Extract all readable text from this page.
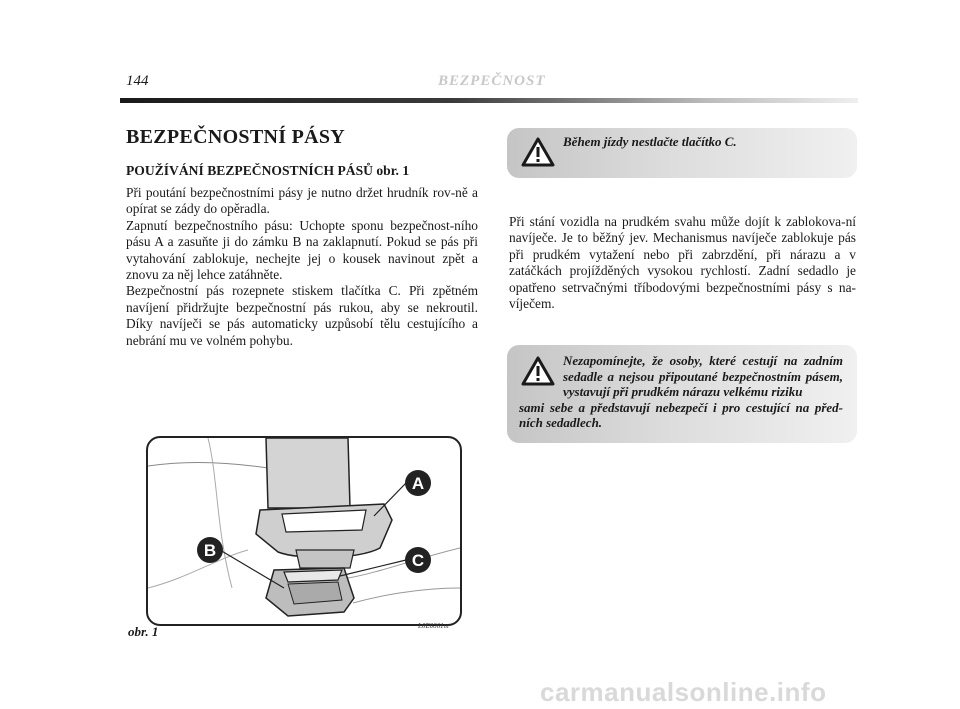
144	BEZPEČNOST
BEZPEČNOSTNÍ PÁSY
POUŽÍVÁNÍ BEZPEČNOSTNÍCH PÁSŮ obr. 1

Při poutání bezpečnostními pásy je nutno držet hrudník rov-ně a opírat se zády do opěradla.

Zapnutí bezpečnostního pásu: Uchopte sponu bezpečnost-ního pásu A a zasuňte ji do zámku B na zaklapnutí. Pokud se pás při vytahování zablokuje, nechejte jej o kousek navinout zpět a znovu za něj lehce zatáhněte.

Bezpečnostní pás rozepnete stiskem tlačítka C. Při zpětném navíjení přidržujte bezpečnostní pás rukou, aby se nekroutil. Díky navíječi se pás automaticky uzpůsobí tělu cestujícího a nebrání mu ve volném pohybu.

Během jízdy nestlačte tlačítko C.

Při stání vozidla na prudkém svahu může dojít k zablokova-ní navíječe. Je to běžný jev. Mechanismus navíječe zablokuje pás při prudkém vytažení nebo při zabrzdění, při nárazu a v zatáčkách projížděných vysokou rychlostí. Zadní sedadlo je opatřeno setrvačnými tříbodovými bezpečnostními pásy s na-víječem.

Nezapomínejte, že osoby, které cestují na zadním sedadle a nejsou připoutané bezpečnostním pásem, vystavují při prudkém nárazu velkému riziku
sami sebe a představují nebezpečí i pro cestující na před-ních sedadlech.
A
B
C
obr. 1	L0E0061m
carmanualsonline.info
